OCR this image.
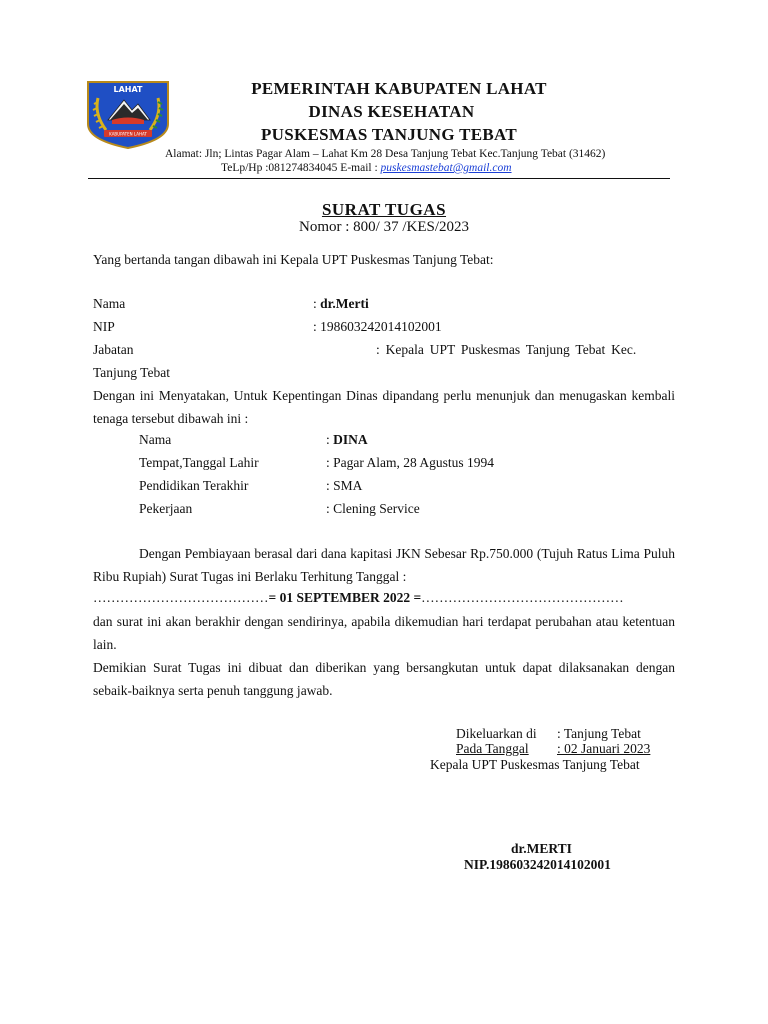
LAHAT
KABUPATEN LAHAT
PEMERINTAH KABUPATEN LAHAT
DINAS KESEHATAN
PUSKESMAS TANJUNG TEBAT
Alamat: Jln; Lintas Pagar Alam – Lahat Km 28 Desa Tanjung Tebat Kec.Tanjung Tebat (31462)
TeLp/Hp :081274834045 E-mail : puskesmastebat@gmail.com
SURAT TUGAS
Nomor : 800/ 37 /KES/2023
Yang bertanda tangan dibawah ini Kepala UPT Puskesmas Tanjung Tebat:
Nama	: dr.Merti
NIP	: 198603242014102001
Jabatan	: Kepala UPT Puskesmas Tanjung Tebat Kec.
Tanjung Tebat
Dengan ini Menyatakan, Untuk Kepentingan Dinas dipandang perlu menunjuk dan menugaskan kembali tenaga tersebut dibawah ini :
Nama	: DINA
Tempat,Tanggal Lahir	: Pagar Alam, 28 Agustus 1994
Pendidikan Terakhir	: SMA
Pekerjaan	: Clening Service
Dengan Pembiayaan berasal dari dana kapitasi JKN Sebesar Rp.750.000 (Tujuh Ratus Lima Puluh Ribu Rupiah) Surat Tugas ini Berlaku Terhitung Tanggal :
…………………………………= 01 SEPTEMBER 2022 =………………………………………
dan surat ini akan berakhir dengan sendirinya, apabila dikemudian hari terdapat perubahan atau ketentuan lain.
Demikian Surat Tugas ini dibuat dan diberikan yang bersangkutan untuk dapat dilaksanakan dengan sebaik-baiknya serta penuh tanggung jawab.
Dikeluarkan di : Tanjung Tebat
Pada Tanggal : 02 Januari 2023
Kepala UPT Puskesmas Tanjung Tebat
dr.MERTI
NIP.198603242014102001
